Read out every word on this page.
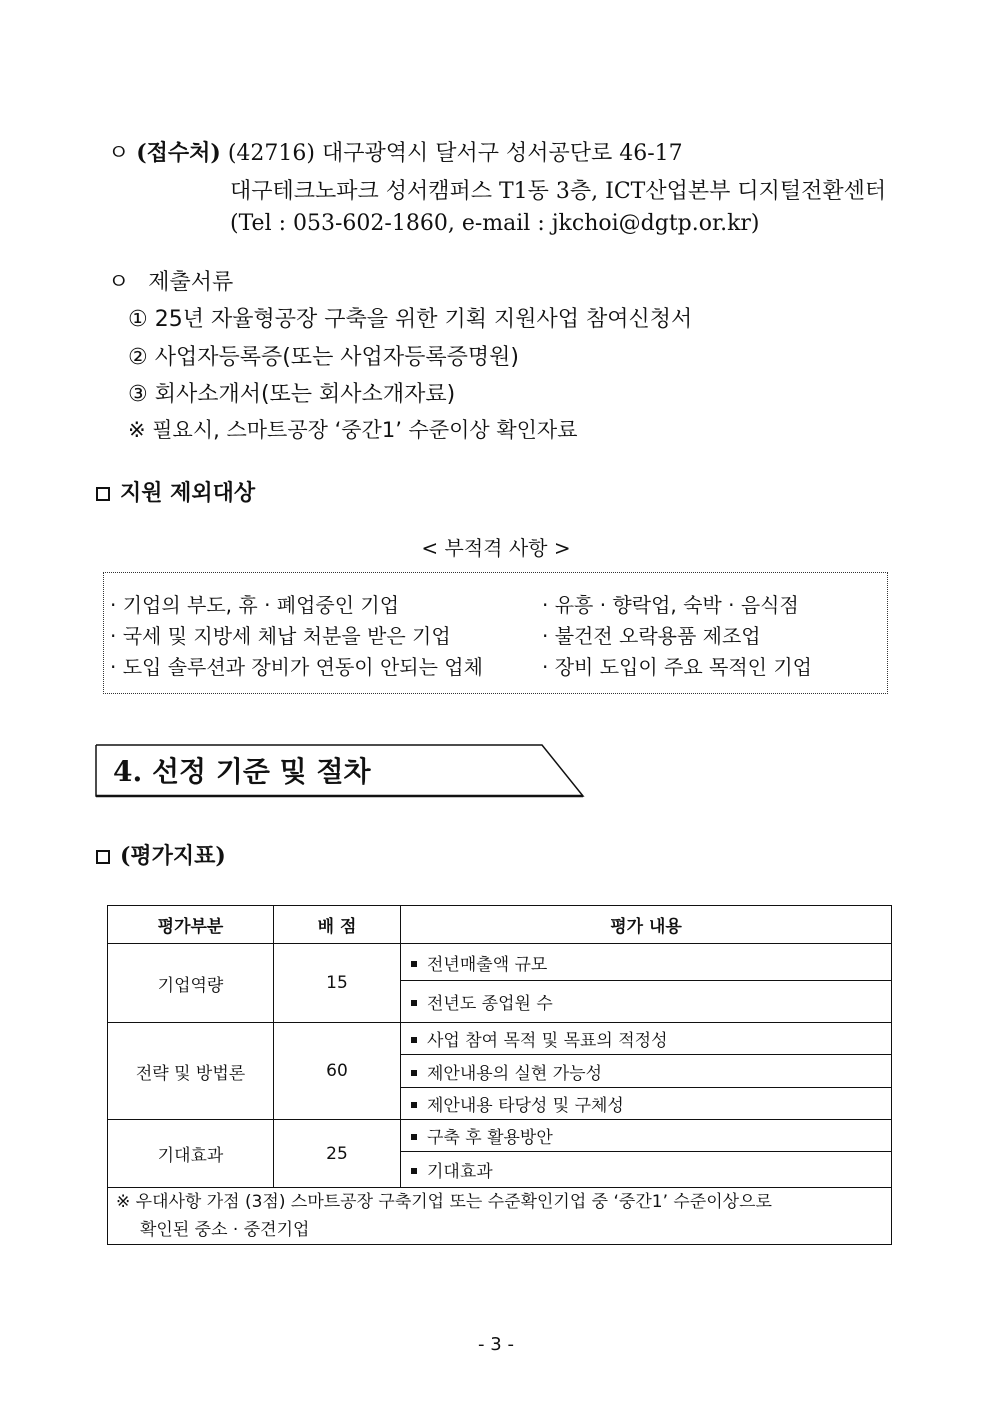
ㅇ (접수처) (42716) 대구광역시 달서구 성서공단로 46-17
대구테크노파크 성서캠퍼스 T1동 3층, ICT산업본부 디지털전환센터
(Tel : 053-602-1860, e-mail : jkchoi@dgtp.or.kr)
ㅇ 제출서류
① 25년 자율형공장 구축을 위한 기획 지원사업 참여신청서
② 사업자등록증(또는 사업자등록증명원)
③ 회사소개서(또는 회사소개자료)
※ 필요시, 스마트공장 ‘중간1’ 수준이상 확인자료
지원 제외대상
< 부적격 사항 >
· 기업의 부도, 휴 · 폐업중인 기업
· 국세 및 지방세 체납 처분을 받은 기업
· 도입 솔루션과 장비가 연동이 안되는 업체
· 유흥 · 향락업, 숙박 · 음식점
· 불건전 오락용품 제조업
· 장비 도입이 주요 목적인 기업
4. 선정 기준 및 절차
(평가지표)
평가부분	배 점	평가 내용
기업역량	15	전년매출액 규모
		전년도 종업원 수
전략 및 방법론	60	사업 참여 목적 및 목표의 적정성
		제안내용의 실현 가능성
		제안내용 타당성 및 구체성
기대효과	25	구축 후 활용방안
		기대효과

※ 우대사항 가점 (3점) 스마트공장 구축기업 또는 수준확인기업 중 ‘중간1’ 수준이상으로
확인된 중소 · 중견기업		
- 3 -
